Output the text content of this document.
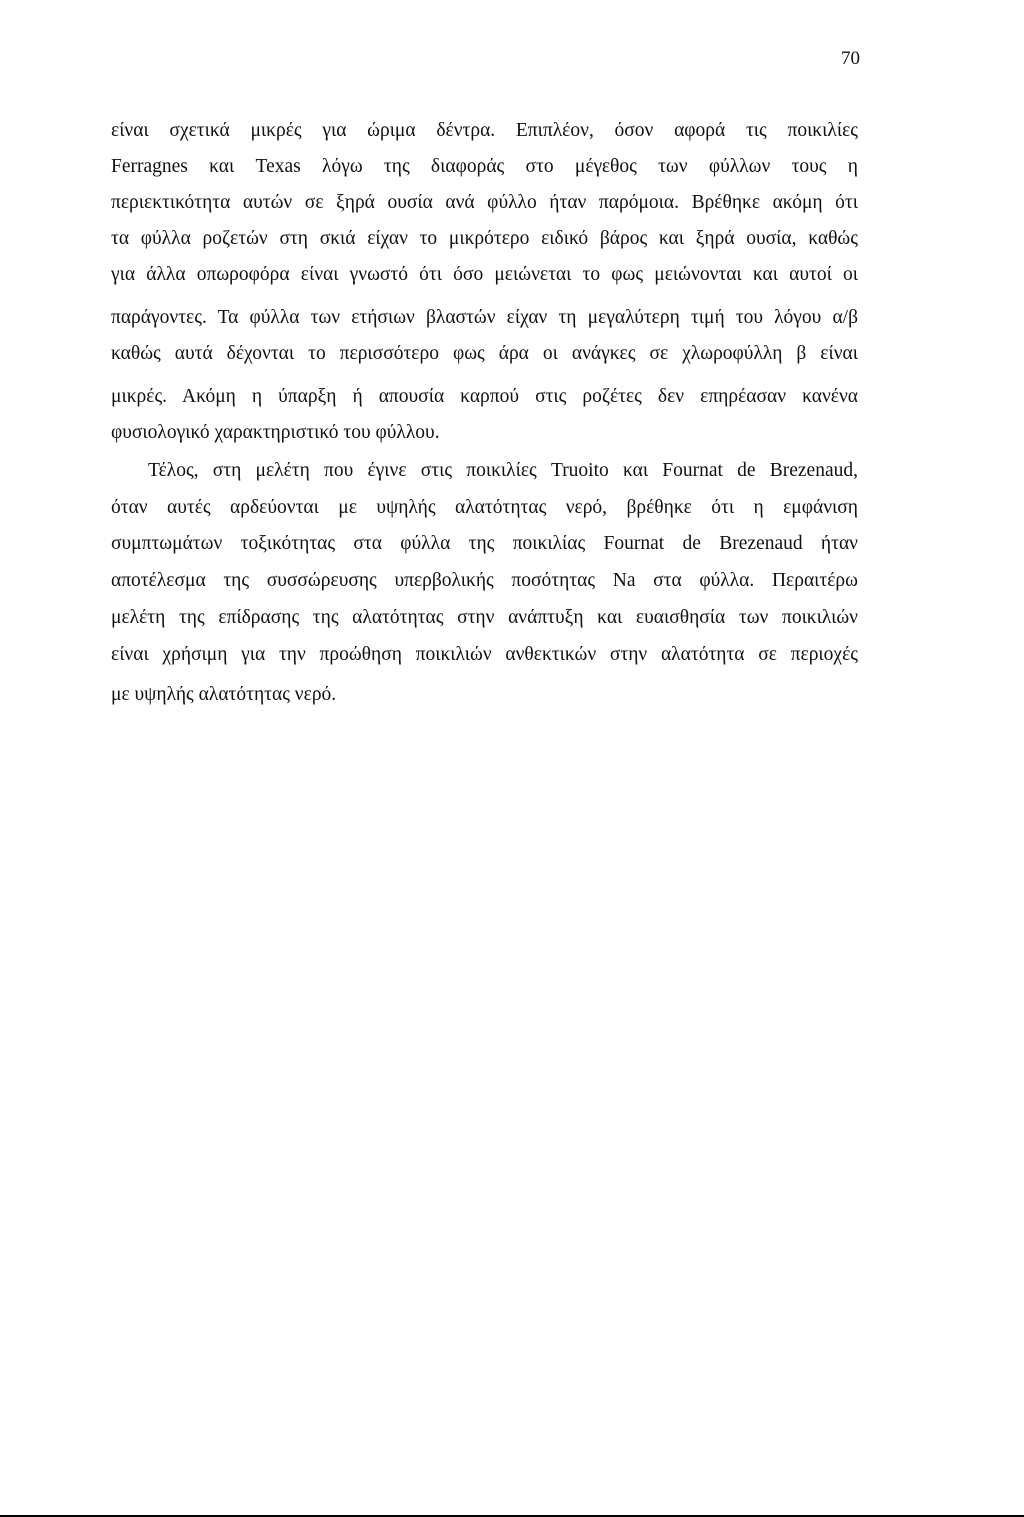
70
είναι σχετικά μικρές για ώριμα δέντρα. Επιπλέον, όσον αφορά τις ποικιλίες
Ferragnes και Texas λόγω της διαφοράς στο μέγεθος των φύλλων τους η
περιεκτικότητα αυτών σε ξηρά ουσία ανά φύλλο ήταν παρόμοια. Βρέθηκε ακόμη ότι
τα φύλλα ροζετών στη σκιά είχαν το μικρότερο ειδικό βάρος και ξηρά ουσία, καθώς
για άλλα οπωροφόρα είναι γνωστό ότι όσο μειώνεται το φως μειώνονται και αυτοί οι
παράγοντες. Τα φύλλα των ετήσιων βλαστών είχαν τη μεγαλύτερη τιμή του λόγου α/β
καθώς αυτά δέχονται το περισσότερο φως άρα οι ανάγκες σε χλωροφύλλη β είναι
μικρές. Ακόμη η ύπαρξη ή απουσία καρπού στις ροζέτες δεν επηρέασαν κανένα
φυσιολογικό χαρακτηριστικό του φύλλου.
Τέλος, στη μελέτη που έγινε στις ποικιλίες Truoito και Fournat de Brezenaud,
όταν αυτές αρδεύονται με υψηλής αλατότητας νερό, βρέθηκε ότι η εμφάνιση
συμπτωμάτων τοξικότητας στα φύλλα της ποικιλίας Fournat de Brezenaud ήταν
αποτέλεσμα της συσσώρευσης υπερβολικής ποσότητας Na στα φύλλα. Περαιτέρω
μελέτη της επίδρασης της αλατότητας στην ανάπτυξη και ευαισθησία των ποικιλιών
είναι χρήσιμη για την προώθηση ποικιλιών ανθεκτικών στην αλατότητα σε περιοχές
με υψηλής αλατότητας νερό.
